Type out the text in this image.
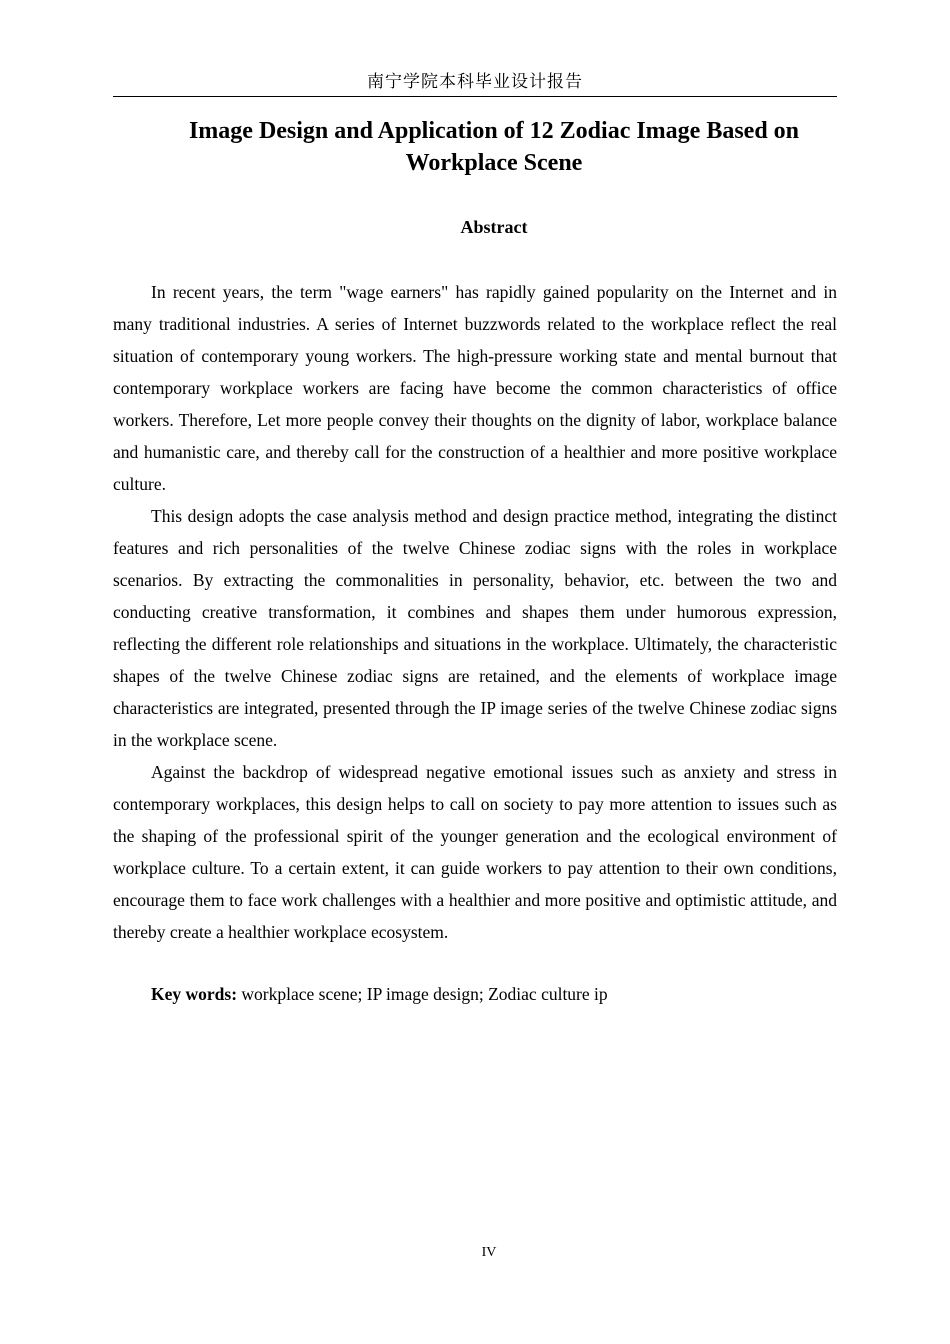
南宁学院本科毕业设计报告
Image Design and Application of 12 Zodiac Image Based on
Workplace Scene
Abstract

In recent years, the term "wage earners" has rapidly gained popularity on the Internet and in many traditional industries. A series of Internet buzzwords related to the workplace reflect the real situation of contemporary young workers. The high-pressure working state and mental burnout that contemporary workplace workers are facing have become the common characteristics of office workers. Therefore, Let more people convey their thoughts on the dignity of labor, workplace balance and humanistic care, and thereby call for the construction of a healthier and more positive workplace culture.

This design adopts the case analysis method and design practice method, integrating the distinct features and rich personalities of the twelve Chinese zodiac signs with the roles in workplace scenarios. By extracting the commonalities in personality, behavior, etc. between the two and conducting creative transformation, it combines and shapes them under humorous expression, reflecting the different role relationships and situations in the workplace. Ultimately, the characteristic shapes of the twelve Chinese zodiac signs are retained, and the elements of workplace image characteristics are integrated, presented through the IP image series of the twelve Chinese zodiac signs in the workplace scene.

Against the backdrop of widespread negative emotional issues such as anxiety and stress in contemporary workplaces, this design helps to call on society to pay more attention to issues such as the shaping of the professional spirit of the younger generation and the ecological environment of workplace culture. To a certain extent, it can guide workers to pay attention to their own conditions, encourage them to face work challenges with a healthier and more positive and optimistic attitude, and thereby create a healthier workplace ecosystem.

Key words: workplace scene; IP image design; Zodiac culture ip

IV
